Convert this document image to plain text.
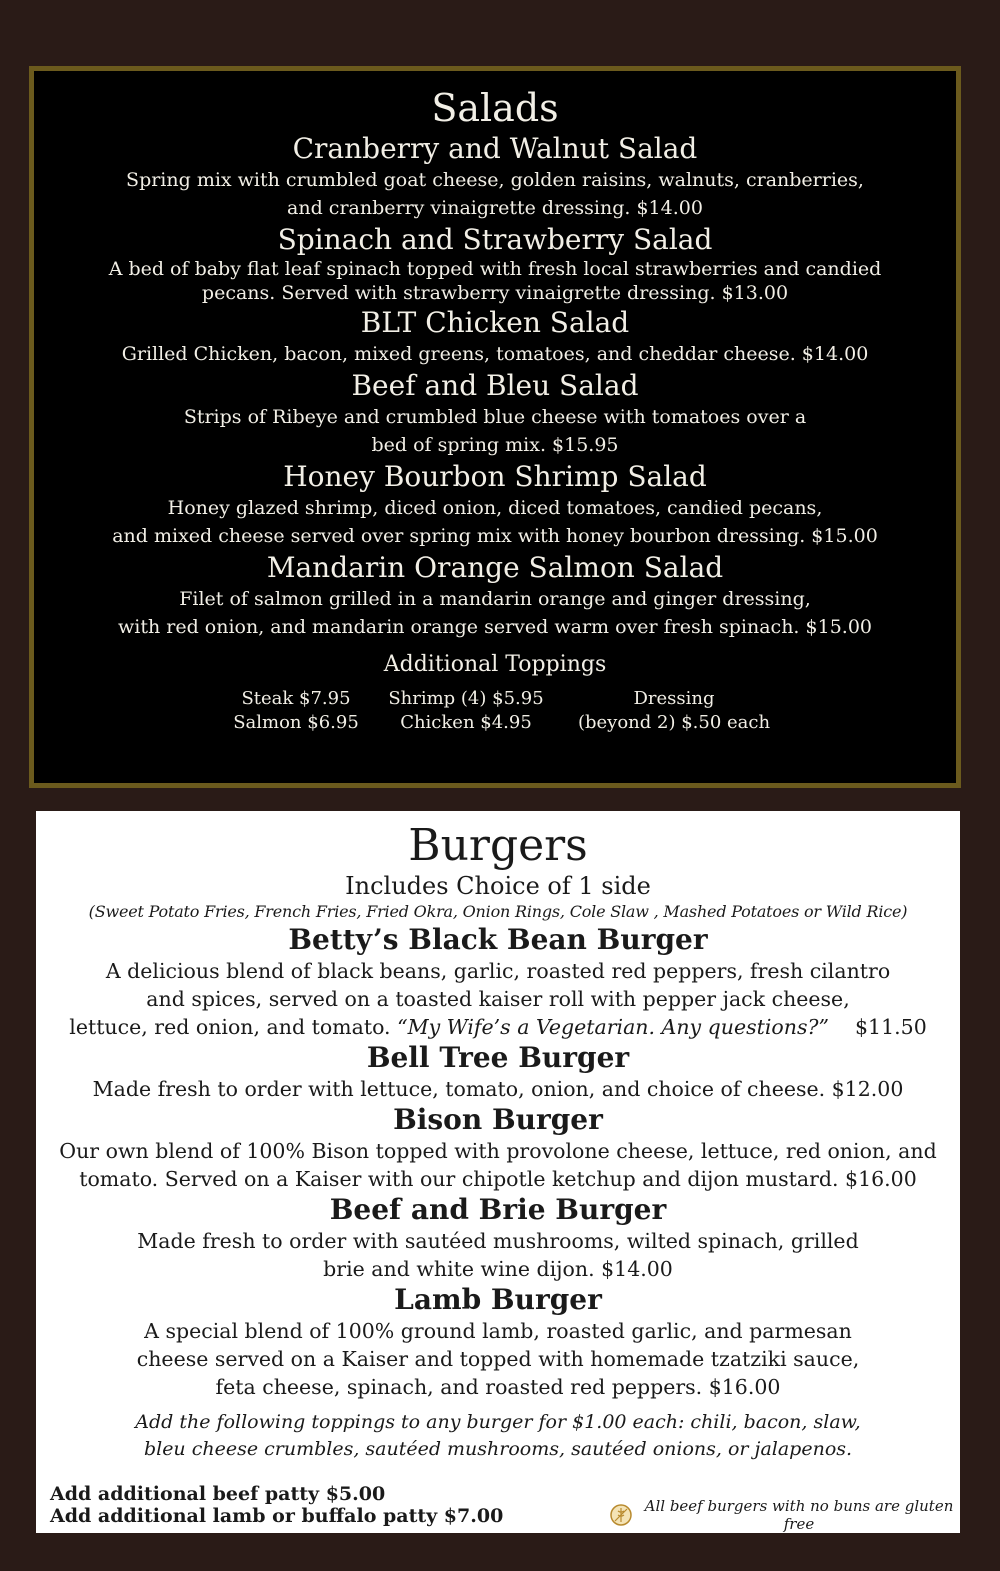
Salads
Cranberry and Walnut Salad
Spring mix with crumbled goat cheese, golden raisins, walnuts, cranberries,
and cranberry vinaigrette dressing. $14.00
Spinach and Strawberry Salad
A bed of baby flat leaf spinach topped with fresh local strawberries and candied
pecans. Served with strawberry vinaigrette dressing. $13.00
BLT Chicken Salad
Grilled Chicken, bacon, mixed greens, tomatoes, and cheddar cheese. $14.00
Beef and Bleu Salad
Strips of Ribeye and crumbled blue cheese with tomatoes over a
bed of spring mix. $15.95
Honey Bourbon Shrimp Salad
Honey glazed shrimp, diced onion, diced tomatoes, candied pecans,
and mixed cheese served over spring mix with honey bourbon dressing. $15.00
Mandarin Orange Salmon Salad
Filet of salmon grilled in a mandarin orange and ginger dressing,
with red onion, and mandarin orange served warm over fresh spinach. $15.00
Additional Toppings
Steak $7.95
Salmon $6.95
Shrimp (4) $5.95
Chicken $4.95
Dressing
(beyond 2) $.50 each
Burgers
Includes Choice of 1 side
(Sweet Potato Fries, French Fries, Fried Okra, Onion Rings, Cole Slaw , Mashed Potatoes or Wild Rice)
Betty’s Black Bean Burger
A delicious blend of black beans, garlic, roasted red peppers, fresh cilantro
and spices, served on a toasted kaiser roll with pepper jack cheese,
lettuce, red onion, and tomato. “My Wife’s a Vegetarian. Any questions?”    $11.50
Bell Tree Burger
Made fresh to order with lettuce, tomato, onion, and choice of cheese. $12.00
Bison Burger
Our own blend of 100% Bison topped with provolone cheese, lettuce, red onion, and
tomato. Served on a Kaiser with our chipotle ketchup and dijon mustard. $16.00
Beef and Brie Burger
Made fresh to order with sautéed mushrooms, wilted spinach, grilled
brie and white wine dijon. $14.00
Lamb Burger
A special blend of 100% ground lamb, roasted garlic, and parmesan
cheese served on a Kaiser and topped with homemade tzatziki sauce,
feta cheese, spinach, and roasted red peppers. $16.00
Add the following toppings to any burger for $1.00 each: chili, bacon, slaw,
bleu cheese crumbles, sautéed mushrooms, sautéed onions, or jalapenos.
Add additional beef patty $5.00
Add additional lamb or buffalo patty $7.00	All beef burgers with no buns are gluten free
